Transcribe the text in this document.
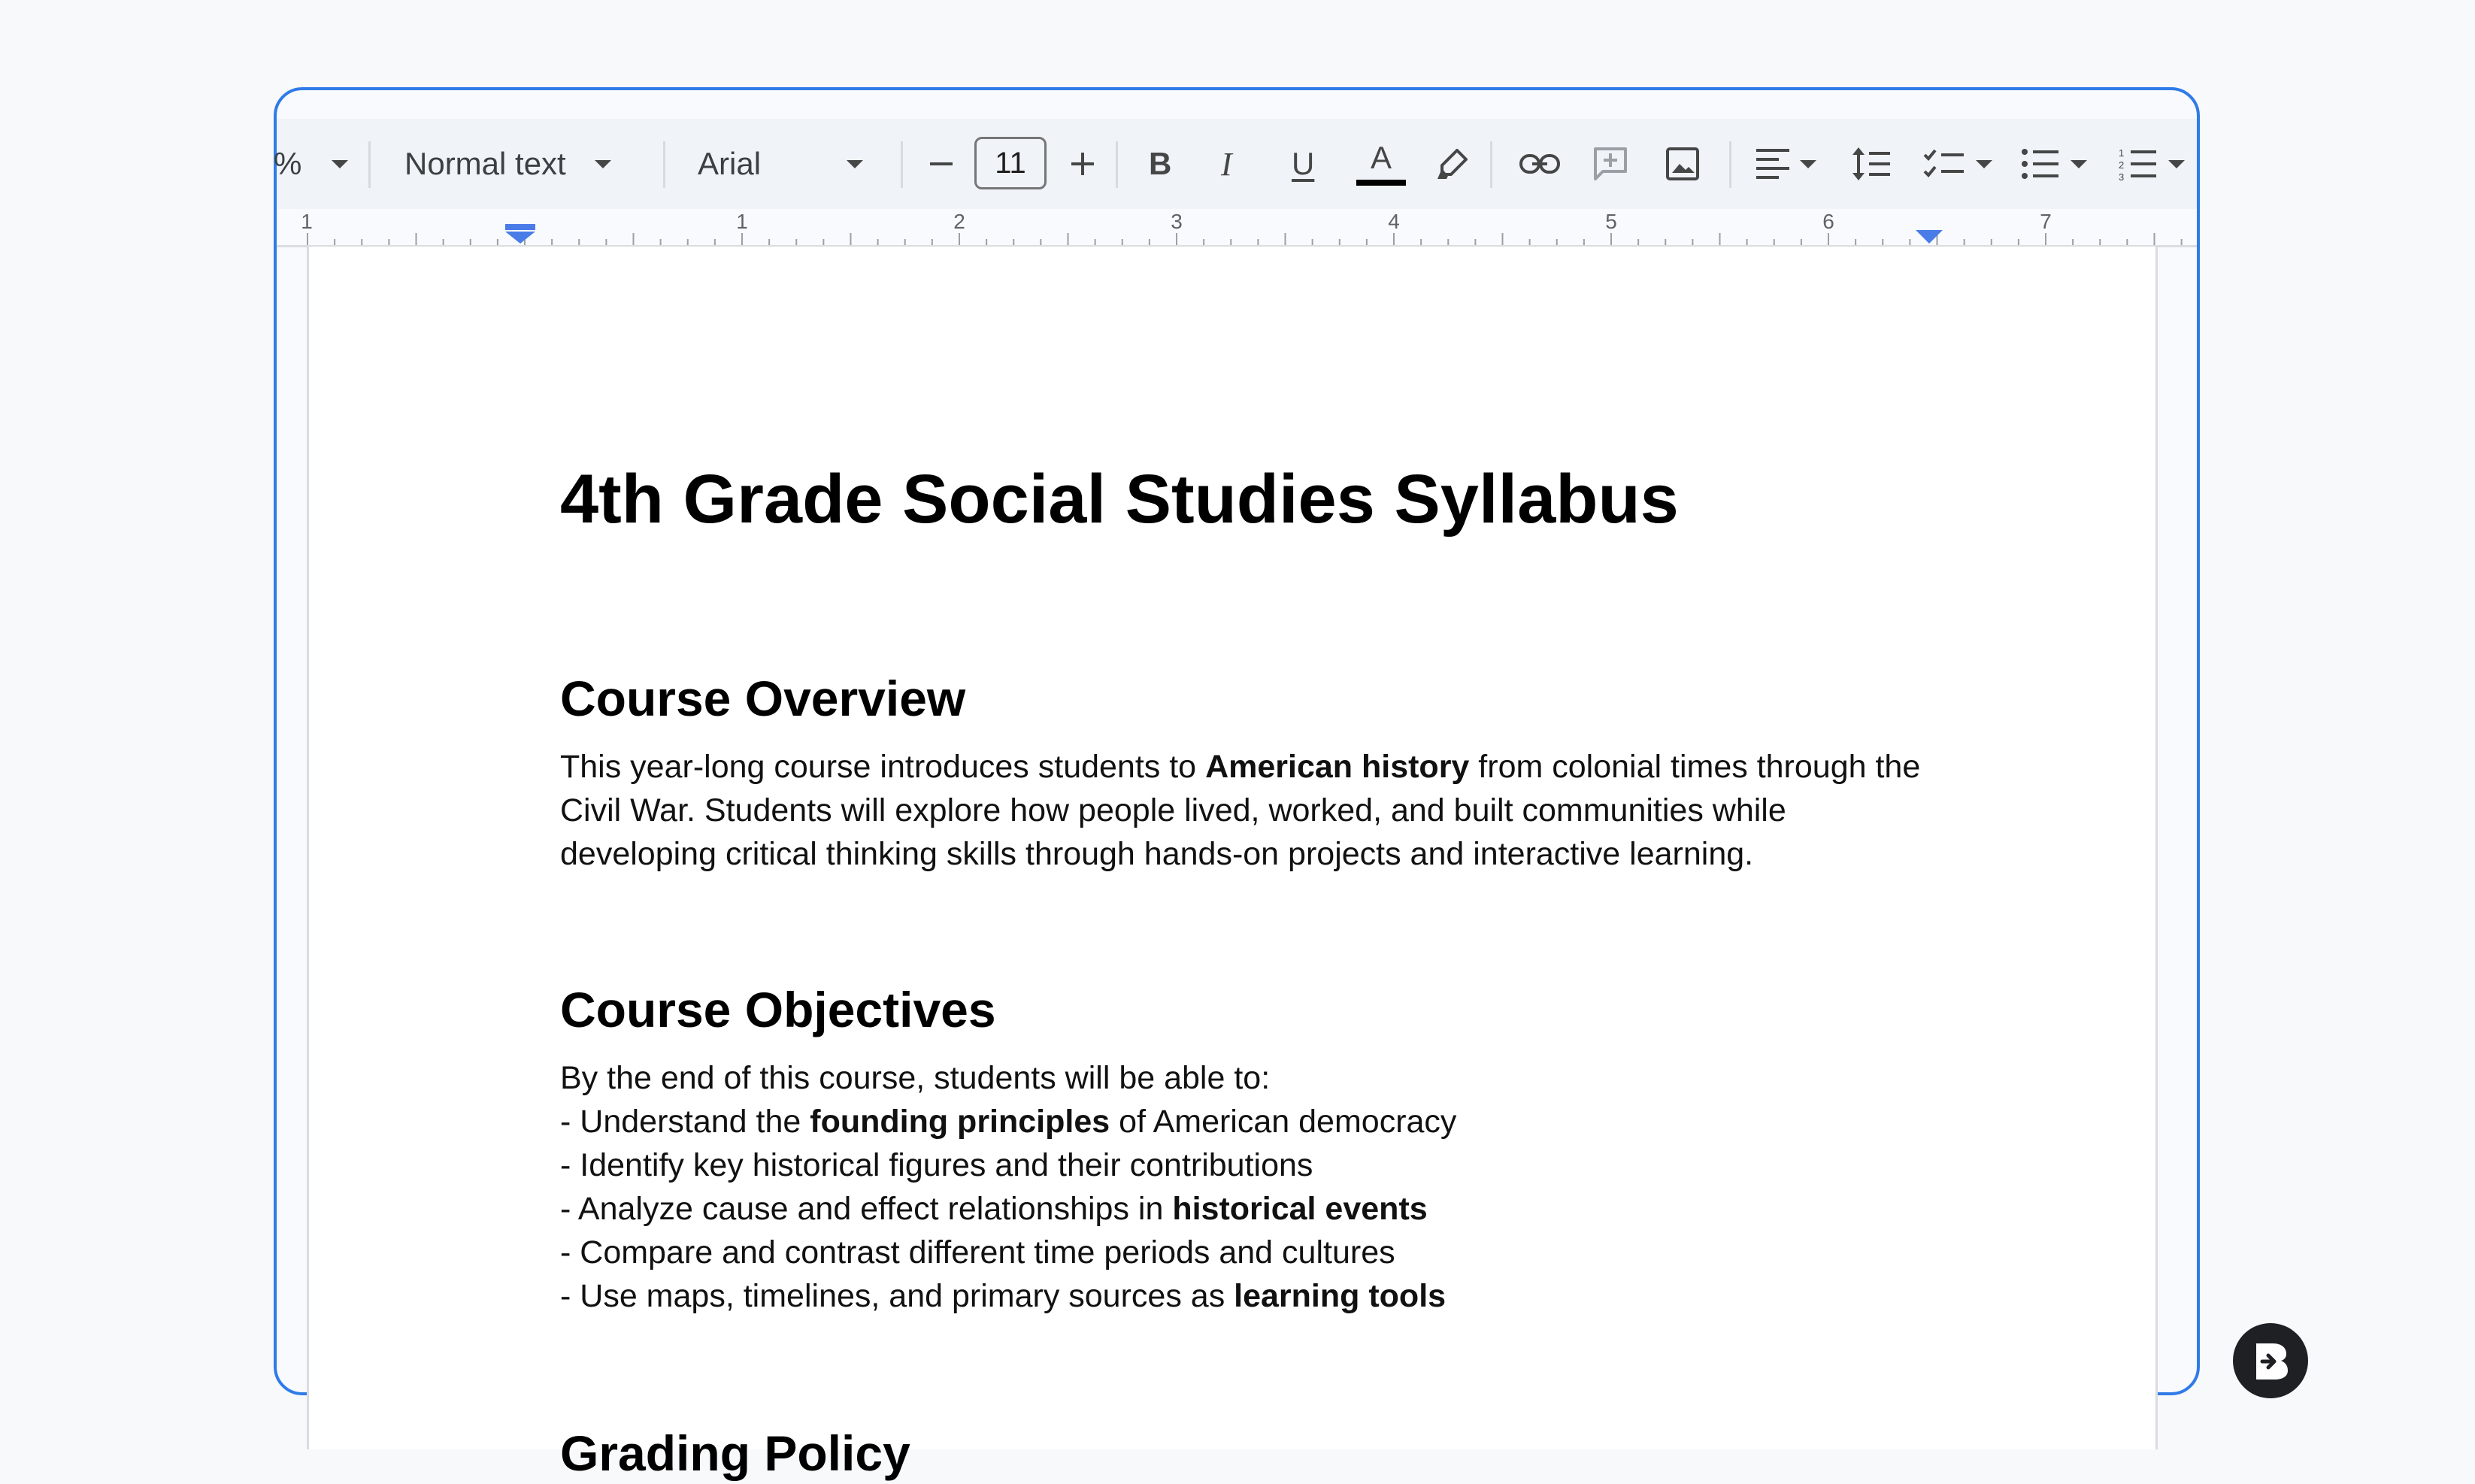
%	Normal text	Arial	11	B I U A	1
2
3
1	1	2	3	4	5	6	7
4th Grade Social Studies Syllabus
Course Overview
This year-long course introduces students to American history from colonial times through the
Civil War. Students will explore how people lived, worked, and built communities while
developing critical thinking skills through hands-on projects and interactive learning.
Course Objectives
By the end of this course, students will be able to:
- Understand the founding principles of American democracy
- Identify key historical figures and their contributions
- Analyze cause and effect relationships in historical events
- Compare and contrast different time periods and cultures
- Use maps, timelines, and primary sources as learning tools
Grading Policy
